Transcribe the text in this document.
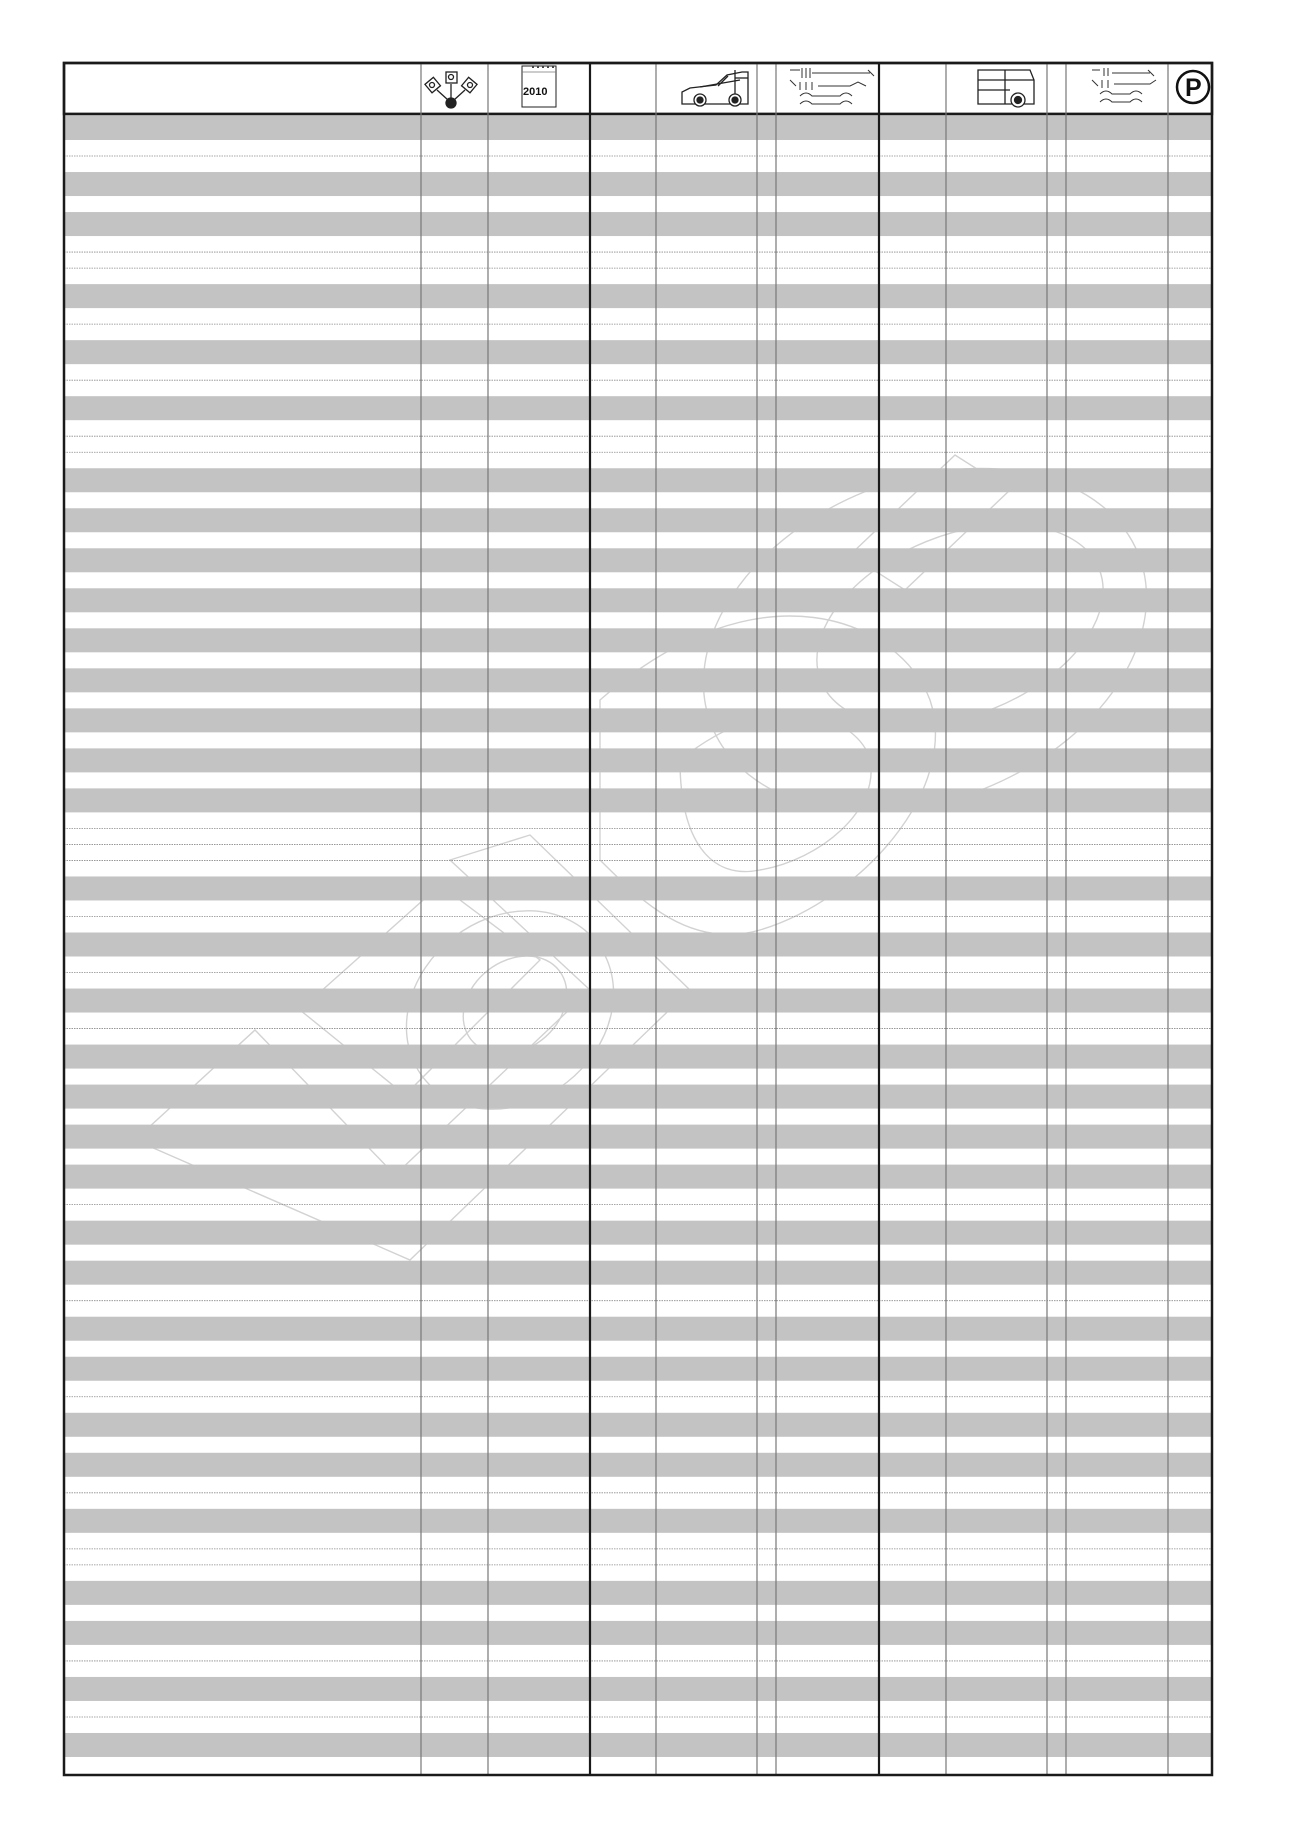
2010	P
